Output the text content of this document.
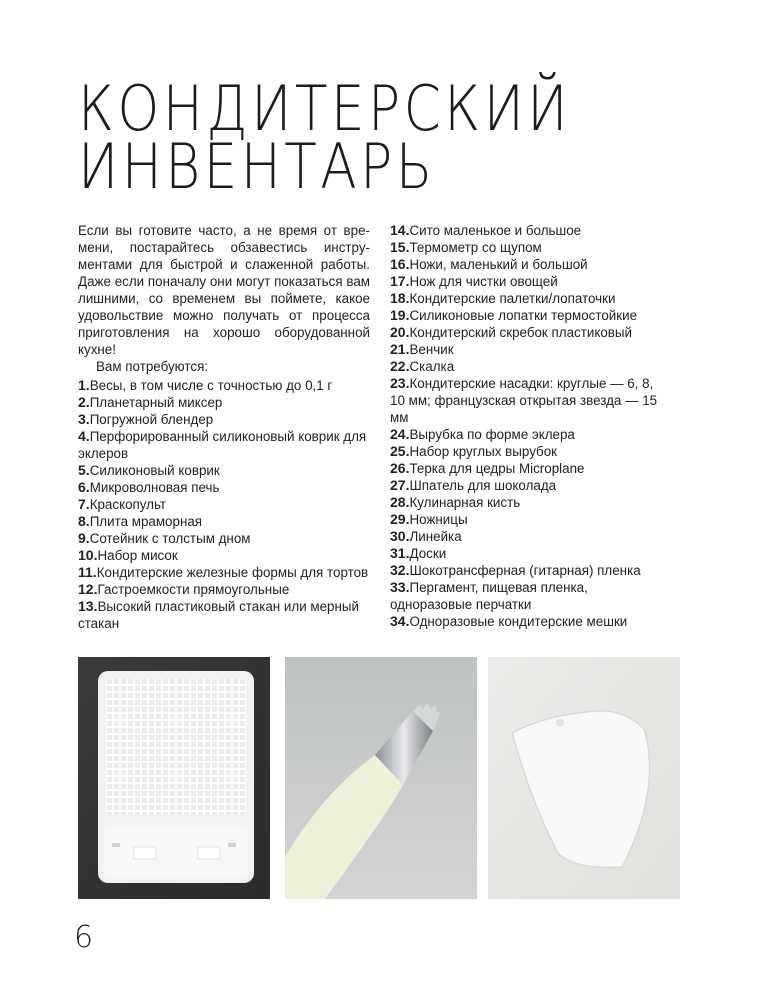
КОНДИТЕРСКИЙ
ИНВЕНТАРЬ

Если вы готовите часто, а не время от времени, постарайтесь обзавестись инструментами для быстрой и слаженной работы. Даже если поначалу они могут показаться вам лишними, со временем вы поймете, какое удовольствие можно получать от процесса приготовления на хорошо оборудованной кухне!

Вам потребуются:

1.Весы, в том числе с точностью до 0,1 г
2.Планетарный миксер
3.Погружной блендер
4.Перфорированный силиконовый коврик для эклеров
5.Силиконовый коврик
6.Микроволновая печь
7.Краскопульт
8.Плита мраморная
9.Сотейник с толстым дном
10.Набор мисок
11.Кондитерские железные формы для тортов
12.Гастроемкости прямоугольные
13.Высокий пластиковый стакан или мерный стакан
14.Сито маленькое и большое
15.Термометр со щупом
16.Ножи, маленький и большой
17.Нож для чистки овощей
18.Кондитерские палетки/лопаточки
19.Силиконовые лопатки термостойкие
20.Кондитерский скребок пластиковый
21.Венчик
22.Скалка
23.Кондитерские насадки: круглые — 6, 8, 10 мм; французская открытая звезда — 15 мм
24.Вырубка по форме эклера
25.Набор круглых вырубок
26.Терка для цедры Microplane
27.Шпатель для шоколада
28.Кулинарная кисть
29.Ножницы
30.Линейка
31.Доски
32.Шокотрансферная (гитарная) пленка
33.Пергамент, пищевая пленка, одноразовые перчатки
34.Одноразовые кондитерские мешки
6
